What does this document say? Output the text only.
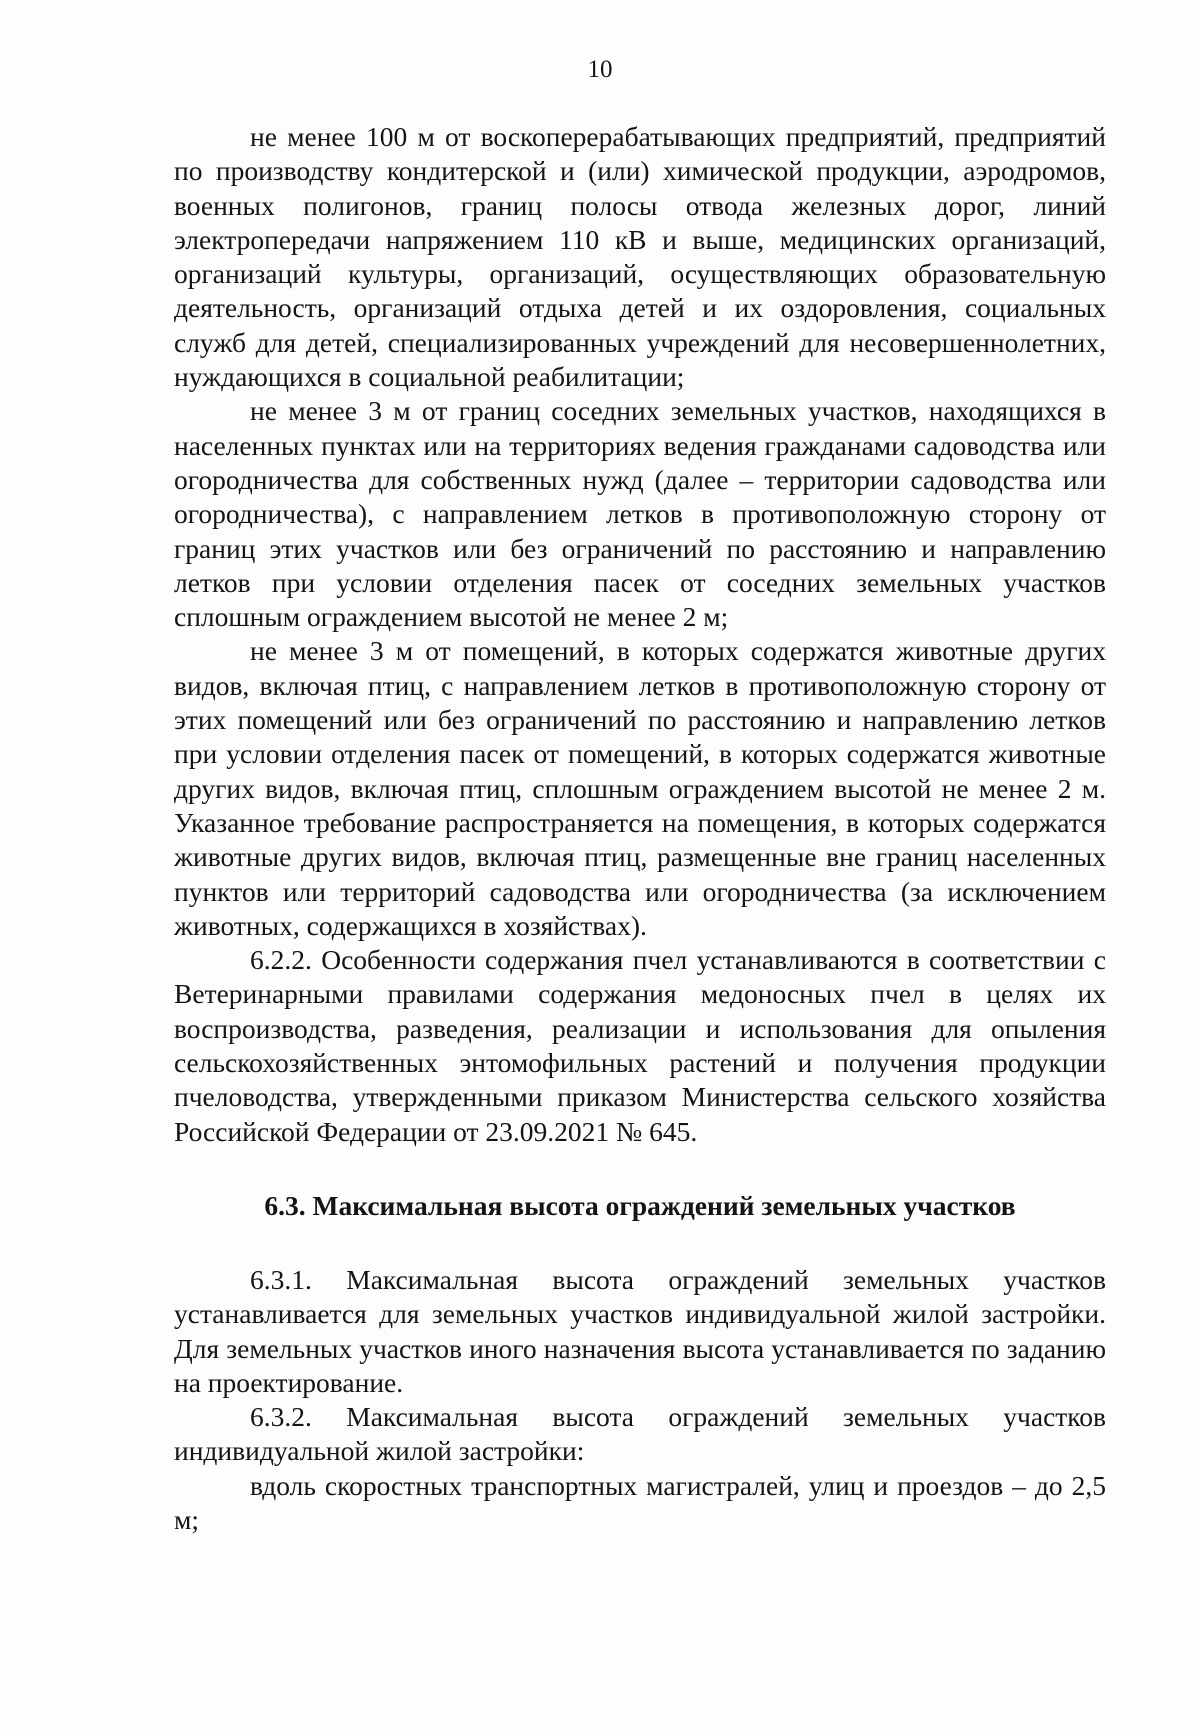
10

не менее 100 м от воскоперерабатывающих предприятий, предприятий по производству кондитерской и (или) химической продукции, аэродромов, военных полигонов, границ полосы отвода железных дорог, линий электропередачи напряжением 110 кВ и выше, медицинских организаций, организаций культуры, организаций, осуществляющих образовательную деятельность, организаций отдыха детей и их оздоровления, социальных служб для детей, специализированных учреждений для несовершеннолетних, нуждающихся в социальной реабилитации;

не менее 3 м от границ соседних земельных участков, находящихся в населенных пунктах или на территориях ведения гражданами садоводства или огородничества для собственных нужд (далее – территории садоводства или огородничества), с направлением летков в противоположную сторону от границ этих участков или без ограничений по расстоянию и направлению летков при условии отделения пасек от соседних земельных участков сплошным ограждением высотой не менее 2 м;

не менее 3 м от помещений, в которых содержатся животные других видов, включая птиц, с направлением летков в противоположную сторону от этих помещений или без ограничений по расстоянию и направлению летков при условии отделения пасек от помещений, в которых содержатся животные других видов, включая птиц, сплошным ограждением высотой не менее 2 м. Указанное требование распространяется на помещения, в которых содержатся животные других видов, включая птиц, размещенные вне границ населенных пунктов или территорий садоводства или огородничества (за исключением животных, содержащихся в хозяйствах).

6.2.2. Особенности содержания пчел устанавливаются в соответствии с Ветеринарными правилами содержания медоносных пчел в целях их воспроизводства, разведения, реализации и использования для опыления сельскохозяйственных энтомофильных растений и получения продукции пчеловодства, утвержденными приказом Министерства сельского хозяйства Российской Федерации от 23.09.2021 № 645.

6.3. Максимальная высота ограждений земельных участков

6.3.1. Максимальная высота ограждений земельных участков устанавливается для земельных участков индивидуальной жилой застройки. Для земельных участков иного назначения высота устанавливается по заданию на проектирование.

6.3.2. Максимальная высота ограждений земельных участков индивидуальной жилой застройки:

вдоль скоростных транспортных магистралей, улиц и проездов – до 2,5 м;
